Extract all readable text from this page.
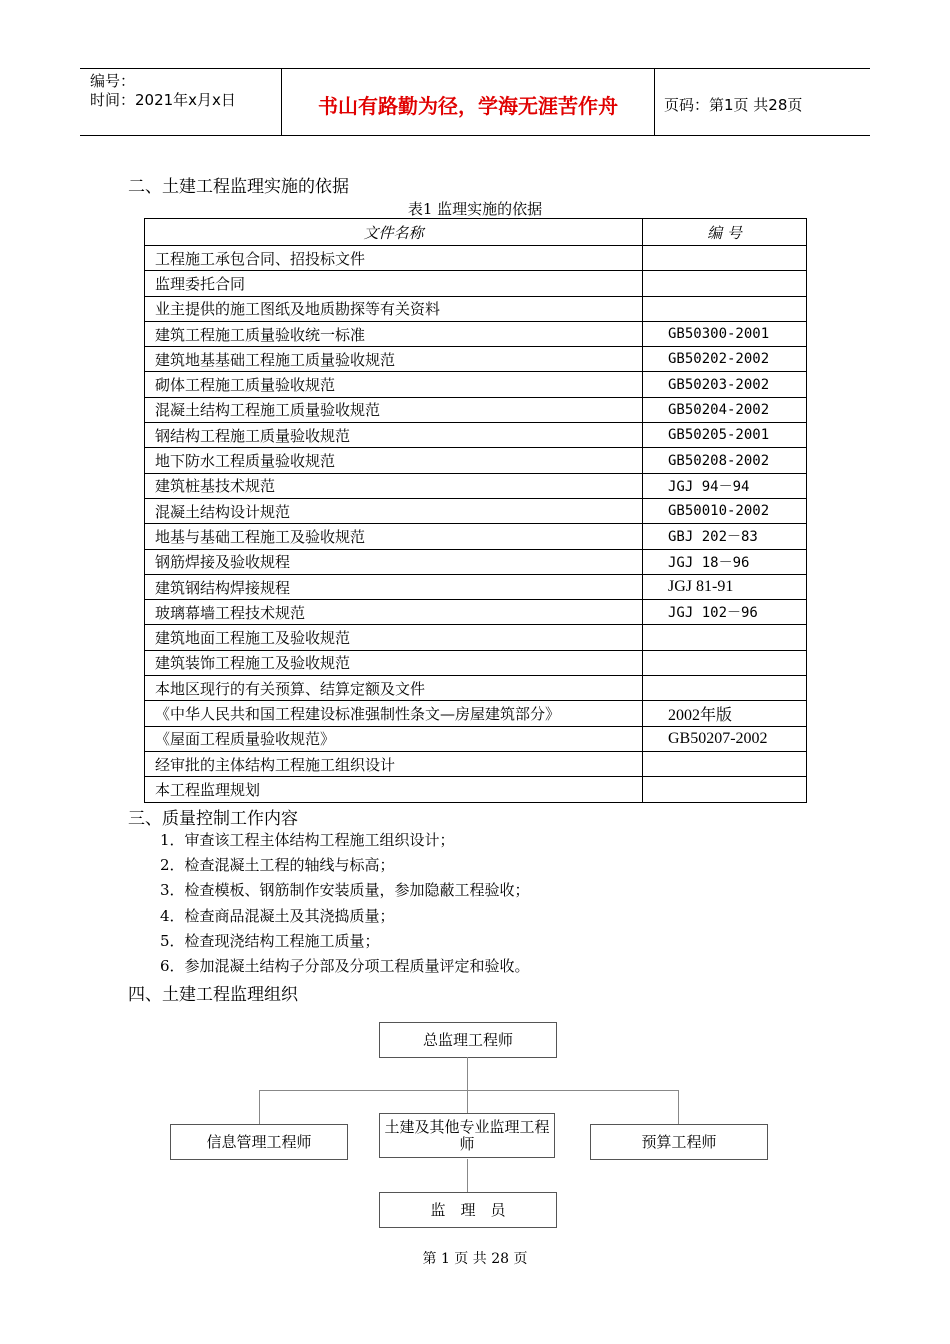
编号：
时间：2021年x月x日	书山有路勤为径，学海无涯苦作舟	页码：第1页 共28页
二、土建工程监理实施的依据
表1 监理实施的依据
文件名称	编 号
工程施工承包合同、招投标文件	
监理委托合同	
业主提供的施工图纸及地质勘探等有关资料	
建筑工程施工质量验收统一标准	GB50300-2001
建筑地基基础工程施工质量验收规范	GB50202-2002
砌体工程施工质量验收规范	GB50203-2002
混凝土结构工程施工质量验收规范	GB50204-2002
钢结构工程施工质量验收规范	GB50205-2001
地下防水工程质量验收规范	GB50208-2002
建筑桩基技术规范	JGJ 94－94
混凝土结构设计规范	GB50010-2002
地基与基础工程施工及验收规范	GBJ 202－83
钢筋焊接及验收规程	JGJ 18－96
建筑钢结构焊接规程	JGJ 81-91
玻璃幕墙工程技术规范	JGJ 102－96
建筑地面工程施工及验收规范	
建筑装饰工程施工及验收规范	
本地区现行的有关预算、结算定额及文件	
《中华人民共和国工程建设标准强制性条文—房屋建筑部分》	2002年版
《屋面工程质量验收规范》	GB50207-2002
经审批的主体结构工程施工组织设计	
本工程监理规划	
三、质量控制工作内容
1．审查该工程主体结构工程施工组织设计；
2．检查混凝土工程的轴线与标高；
3．检查模板、钢筋制作安装质量，参加隐蔽工程验收；
4．检查商品混凝土及其浇捣质量；
5．检查现浇结构工程施工质量；
6．参加混凝土结构子分部及分项工程质量评定和验收。
四、土建工程监理组织
总监理工程师
信息管理工程师
土建及其他专业监理工程师	预算工程师
监　理　员
第 1 页 共 28 页
